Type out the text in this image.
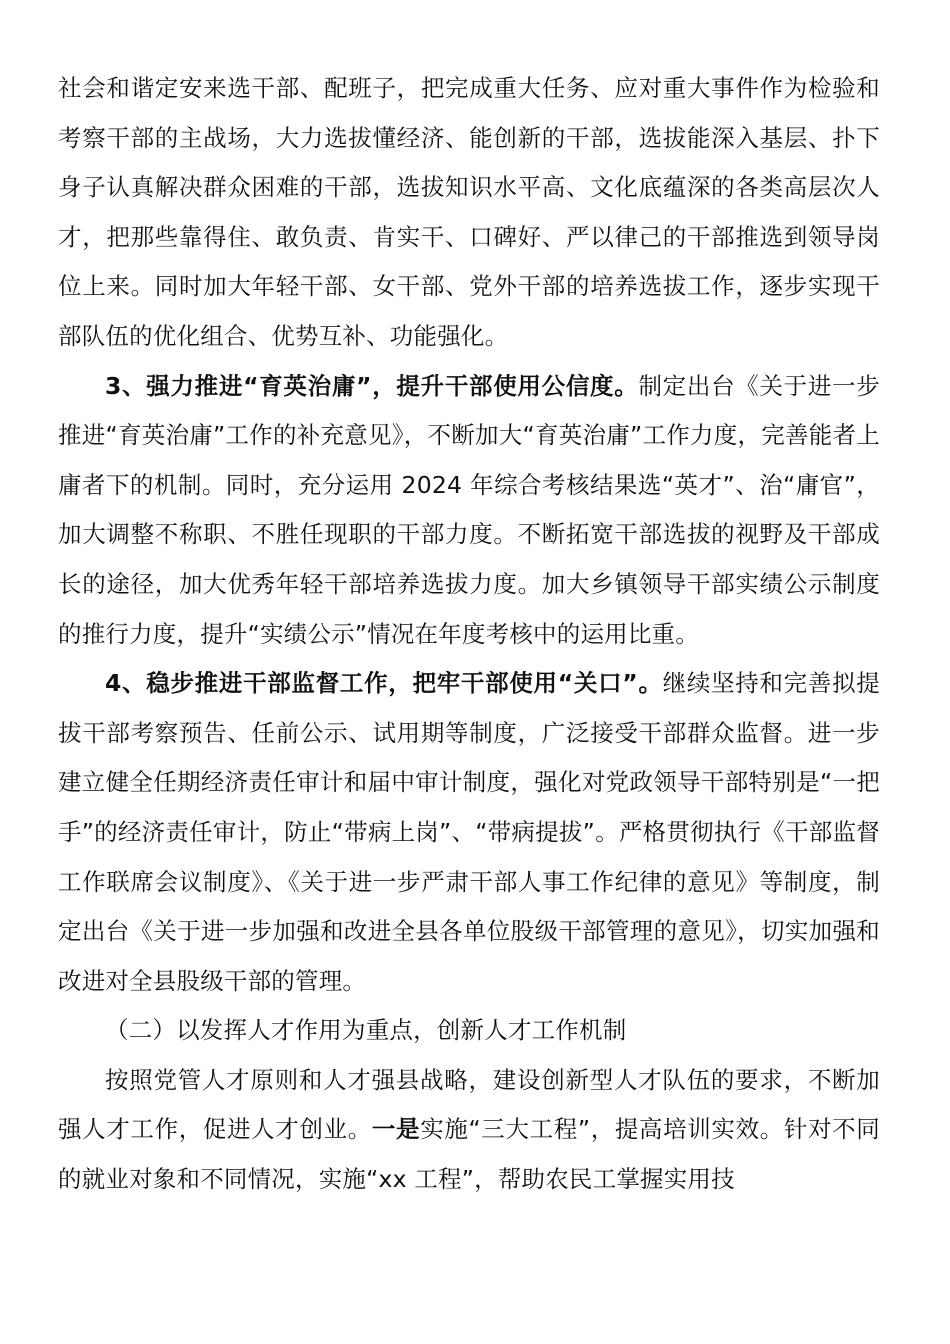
社会和谐定安来选干部、配班子，把完成重大任务、应对重大事件作为检验和考察干部的主战场，大力选拔懂经济、能创新的干部，选拔能深入基层、扑下身子认真解决群众困难的干部，选拔知识水平高、文化底蕴深的各类高层次人才，把那些靠得住、敢负责、肯实干、口碑好、严以律己的干部推选到领导岗位上来。同时加大年轻干部、女干部、党外干部的培养选拔工作，逐步实现干部队伍的优化组合、优势互补、功能强化。

3、强力推进“育英治庸”，提升干部使用公信度。制定出台《关于进一步推进“育英治庸”工作的补充意见》，不断加大“育英治庸”工作力度，完善能者上庸者下的机制。同时，充分运用 2024 年综合考核结果选“英才”、治“庸官”，加大调整不称职、不胜任现职的干部力度。不断拓宽干部选拔的视野及干部成长的途径，加大优秀年轻干部培养选拔力度。加大乡镇领导干部实绩公示制度的推行力度，提升“实绩公示”情况在年度考核中的运用比重。

4、稳步推进干部监督工作，把牢干部使用“关口”。继续坚持和完善拟提拔干部考察预告、任前公示、试用期等制度，广泛接受干部群众监督。进一步建立健全任期经济责任审计和届中审计制度，强化对党政领导干部特别是“一把手”的经济责任审计，防止“带病上岗”、“带病提拔”。严格贯彻执行《干部监督工作联席会议制度》、《关于进一步严肃干部人事工作纪律的意见》等制度，制定出台《关于进一步加强和改进全县各单位股级干部管理的意见》，切实加强和改进对全县股级干部的管理。

（二）以发挥人才作用为重点，创新人才工作机制

按照党管人才原则和人才强县战略，建设创新型人才队伍的要求，不断加强人才工作，促进人才创业。一是实施“三大工程”，提高培训实效。针对不同的就业对象和不同情况，实施“xx 工程”，帮助农民工掌握实用技
